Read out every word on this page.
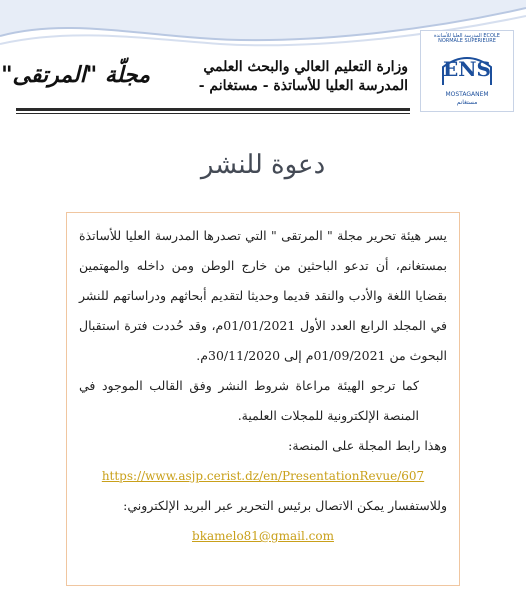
مجلّة "المرتقى"	وزارة التعليم العالي والبحث العلمي
المدرسة العليا للأساتذة - مستغانم -
المدرسة العليا للأساتذة ECOLE NORMALE SUPERIEURE
ENS
MOSTAGANEM
مستغانم
دعوة للنشر

يسر هيئة تحرير مجلة " المرتقى " التي تصدرها المدرسة العليا للأساتذة بمستغانم، أن تدعو الباحثين من خارج الوطن ومن داخله والمهتمين بقضايا اللغة والأدب والنقد قديما وحديثا لتقديم أبحاثهم ودراساتهم للنشر في المجلد الرابع العدد الأول 01/01/2021م، وقد حُددت فترة استقبال البحوث من 01/09/2021م إلى 30/11/2020م.

كما ترجو الهيئة مراعاة شروط النشر وفق القالب الموجود في المنصة الإلكترونية للمجلات العلمية.

وهذا رابط المجلة على المنصة:

https://www.asjp.cerist.dz/en/PresentationRevue/607

وللاستفسار يمكن الاتصال برئيس التحرير عبر البريد الإلكتروني:

bkamelo81@gmail.com
